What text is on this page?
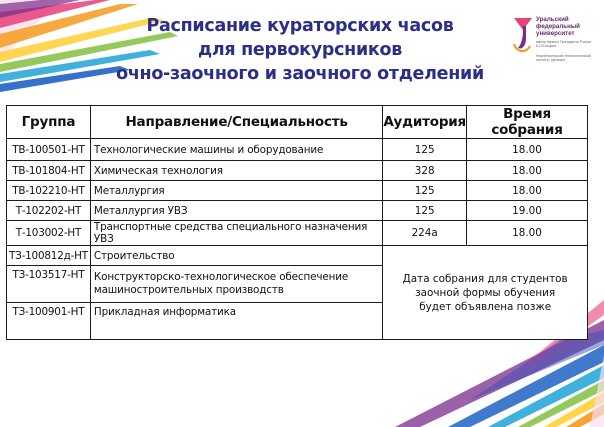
Расписание кураторских часов
для первокурсников
очно-заочного и заочного отделений
Уральский
федеральный
университет
имени первого Президента России Б.Н.Ельцина
Нижнетагильский технологический институт (филиал)
Группа	Направление/Специальность	Аудитория	Время собрания
ТВ-100501-НТ	Технологические машины и оборудование	125	18.00
ТВ-101804-НТ	Химическая технология	328	18.00
ТВ-102210-НТ	Металлургия	125	18.00
Т-102202-НТ	Металлургия УВЗ	125	19.00
Т-103002-НТ	Транспортные средства специального назначения УВЗ	224а	18.00
ТЗ-100812д-НТ	Строительство	Дата собрания для студентов заочной формы обучения будет объявлена позже	
ТЗ-103517-НТ	Конструкторско-технологическое обеспечение машиностроительных производств		
ТЗ-100901-НТ	Прикладная информатика		
